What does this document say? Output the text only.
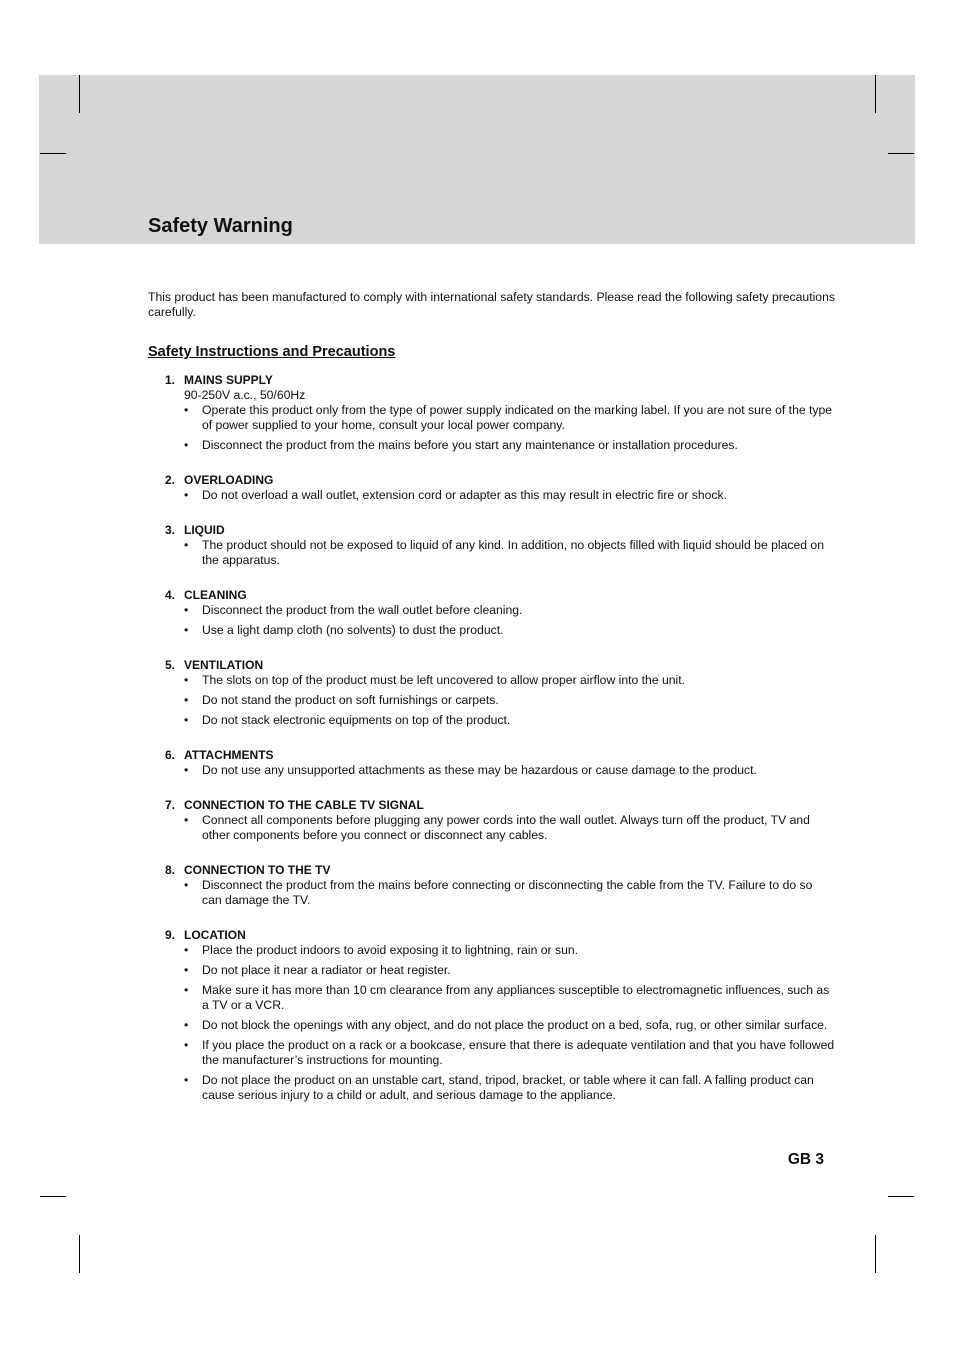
Safety Warning

This product has been manufactured to comply with international safety standards. Please read the following safety precautions carefully.

Safety Instructions and Precautions
1. MAINS SUPPLY
90-250V a.c., 50/60Hz
•	Operate this product only from the type of power supply indicated on the marking label. If you are not sure of the type of power supplied to your home, consult your local power company.
•	Disconnect the product from the mains before you start any maintenance or installation procedures.
2. OVERLOADING
•	Do not overload a wall outlet, extension cord or adapter as this may result in electric fire or shock.
3. LIQUID
•	The product should not be exposed to liquid of any kind. In addition, no objects filled with liquid should be placed on the apparatus.
4. CLEANING
•	Disconnect the product from the wall outlet before cleaning.
•	Use a light damp cloth (no solvents) to dust the product.
5. VENTILATION
•	The slots on top of the product must be left uncovered to allow proper airflow into the unit.
•	Do not stand the product on soft furnishings or carpets.
•	Do not stack electronic equipments on top of the product.
6. ATTACHMENTS
•	Do not use any unsupported attachments as these may be hazardous or cause damage to the product.
7. CONNECTION TO THE CABLE TV SIGNAL
•	Connect all components before plugging any power cords into the wall outlet. Always turn off the product, TV and other components before you connect or disconnect any cables.
8. CONNECTION TO THE TV
•	Disconnect the product from the mains before connecting or disconnecting the cable from the TV. Failure to do so can damage the TV.
9. LOCATION
•	Place the product indoors to avoid exposing it to lightning, rain or sun.
•	Do not place it near a radiator or heat register.
•	Make sure it has more than 10 cm clearance from any appliances susceptible to electromagnetic influences, such as a TV or a VCR.
•	Do not block the openings with any object, and do not place the product on a bed, sofa, rug, or other similar surface.
•	If you place the product on a rack or a bookcase, ensure that there is adequate ventilation and that you have followed the manufacturer’s instructions for mounting.
•	Do not place the product on an unstable cart, stand, tripod, bracket, or table where it can fall. A falling product can cause serious injury to a child or adult, and serious damage to the appliance.
GB 3
